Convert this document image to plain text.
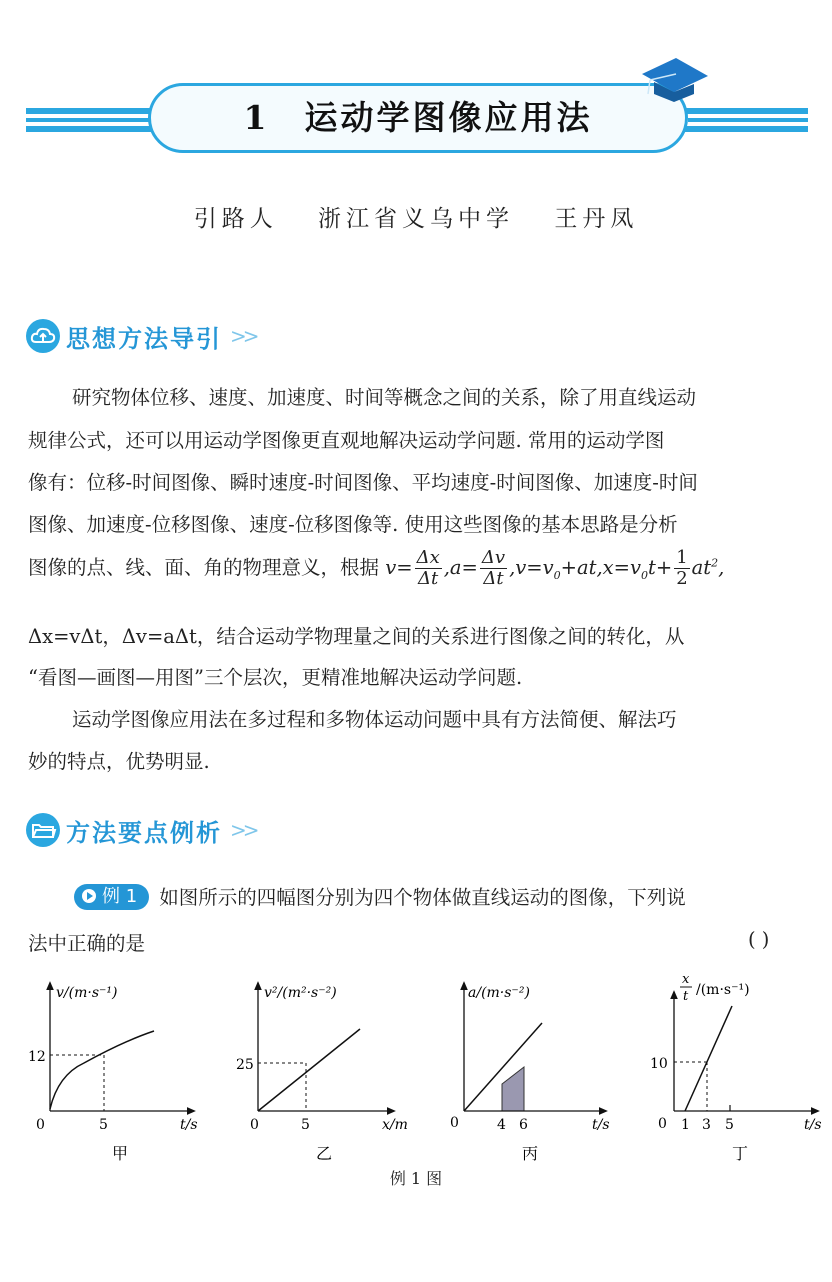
1 运动学图像应用法
引路人 浙江省义乌中学 王丹凤
思想方法导引 >>
研究物体位移、速度、加速度、时间等概念之间的关系，除了用直线运动
规律公式，还可以用运动学图像更直观地解决运动学问题. 常用的运动学图
像有：位移-时间图像、瞬时速度-时间图像、平均速度-时间图像、加速度-时间
图像、加速度-位移图像、速度-位移图像等. 使用这些图像的基本思路是分析
图像的点、线、面、角的物理意义，根据 $v= \frac{\Delta x}{\Delta t} ,a= \frac{\Delta v}{\Delta t} ,v=v_0+at,x=v_0t+ \frac{1}{2} at^2$,
Δx=vΔt，Δv=aΔt，结合运动学物理量之间的关系进行图像之间的转化，从
“看图—画图—用图”三个层次，更精准地解决运动学问题.
运动学图像应用法在多过程和多物体运动问题中具有方法简便、解法巧
妙的特点，优势明显.
方法要点例析 >>
例 1 如图所示的四幅图分别为四个物体做直线运动的图像，下列说
法中正确的是	( )
v/(m·s⁻¹)
12
0	5	t/s
甲
v²/(m²·s⁻²)
25
0	5	x/m
乙
a/(m·s⁻²)
0	4 6	t/s
丙
x
t /(m·s⁻¹)
10
0 1 3 5	t/s
丁
例 1 图
